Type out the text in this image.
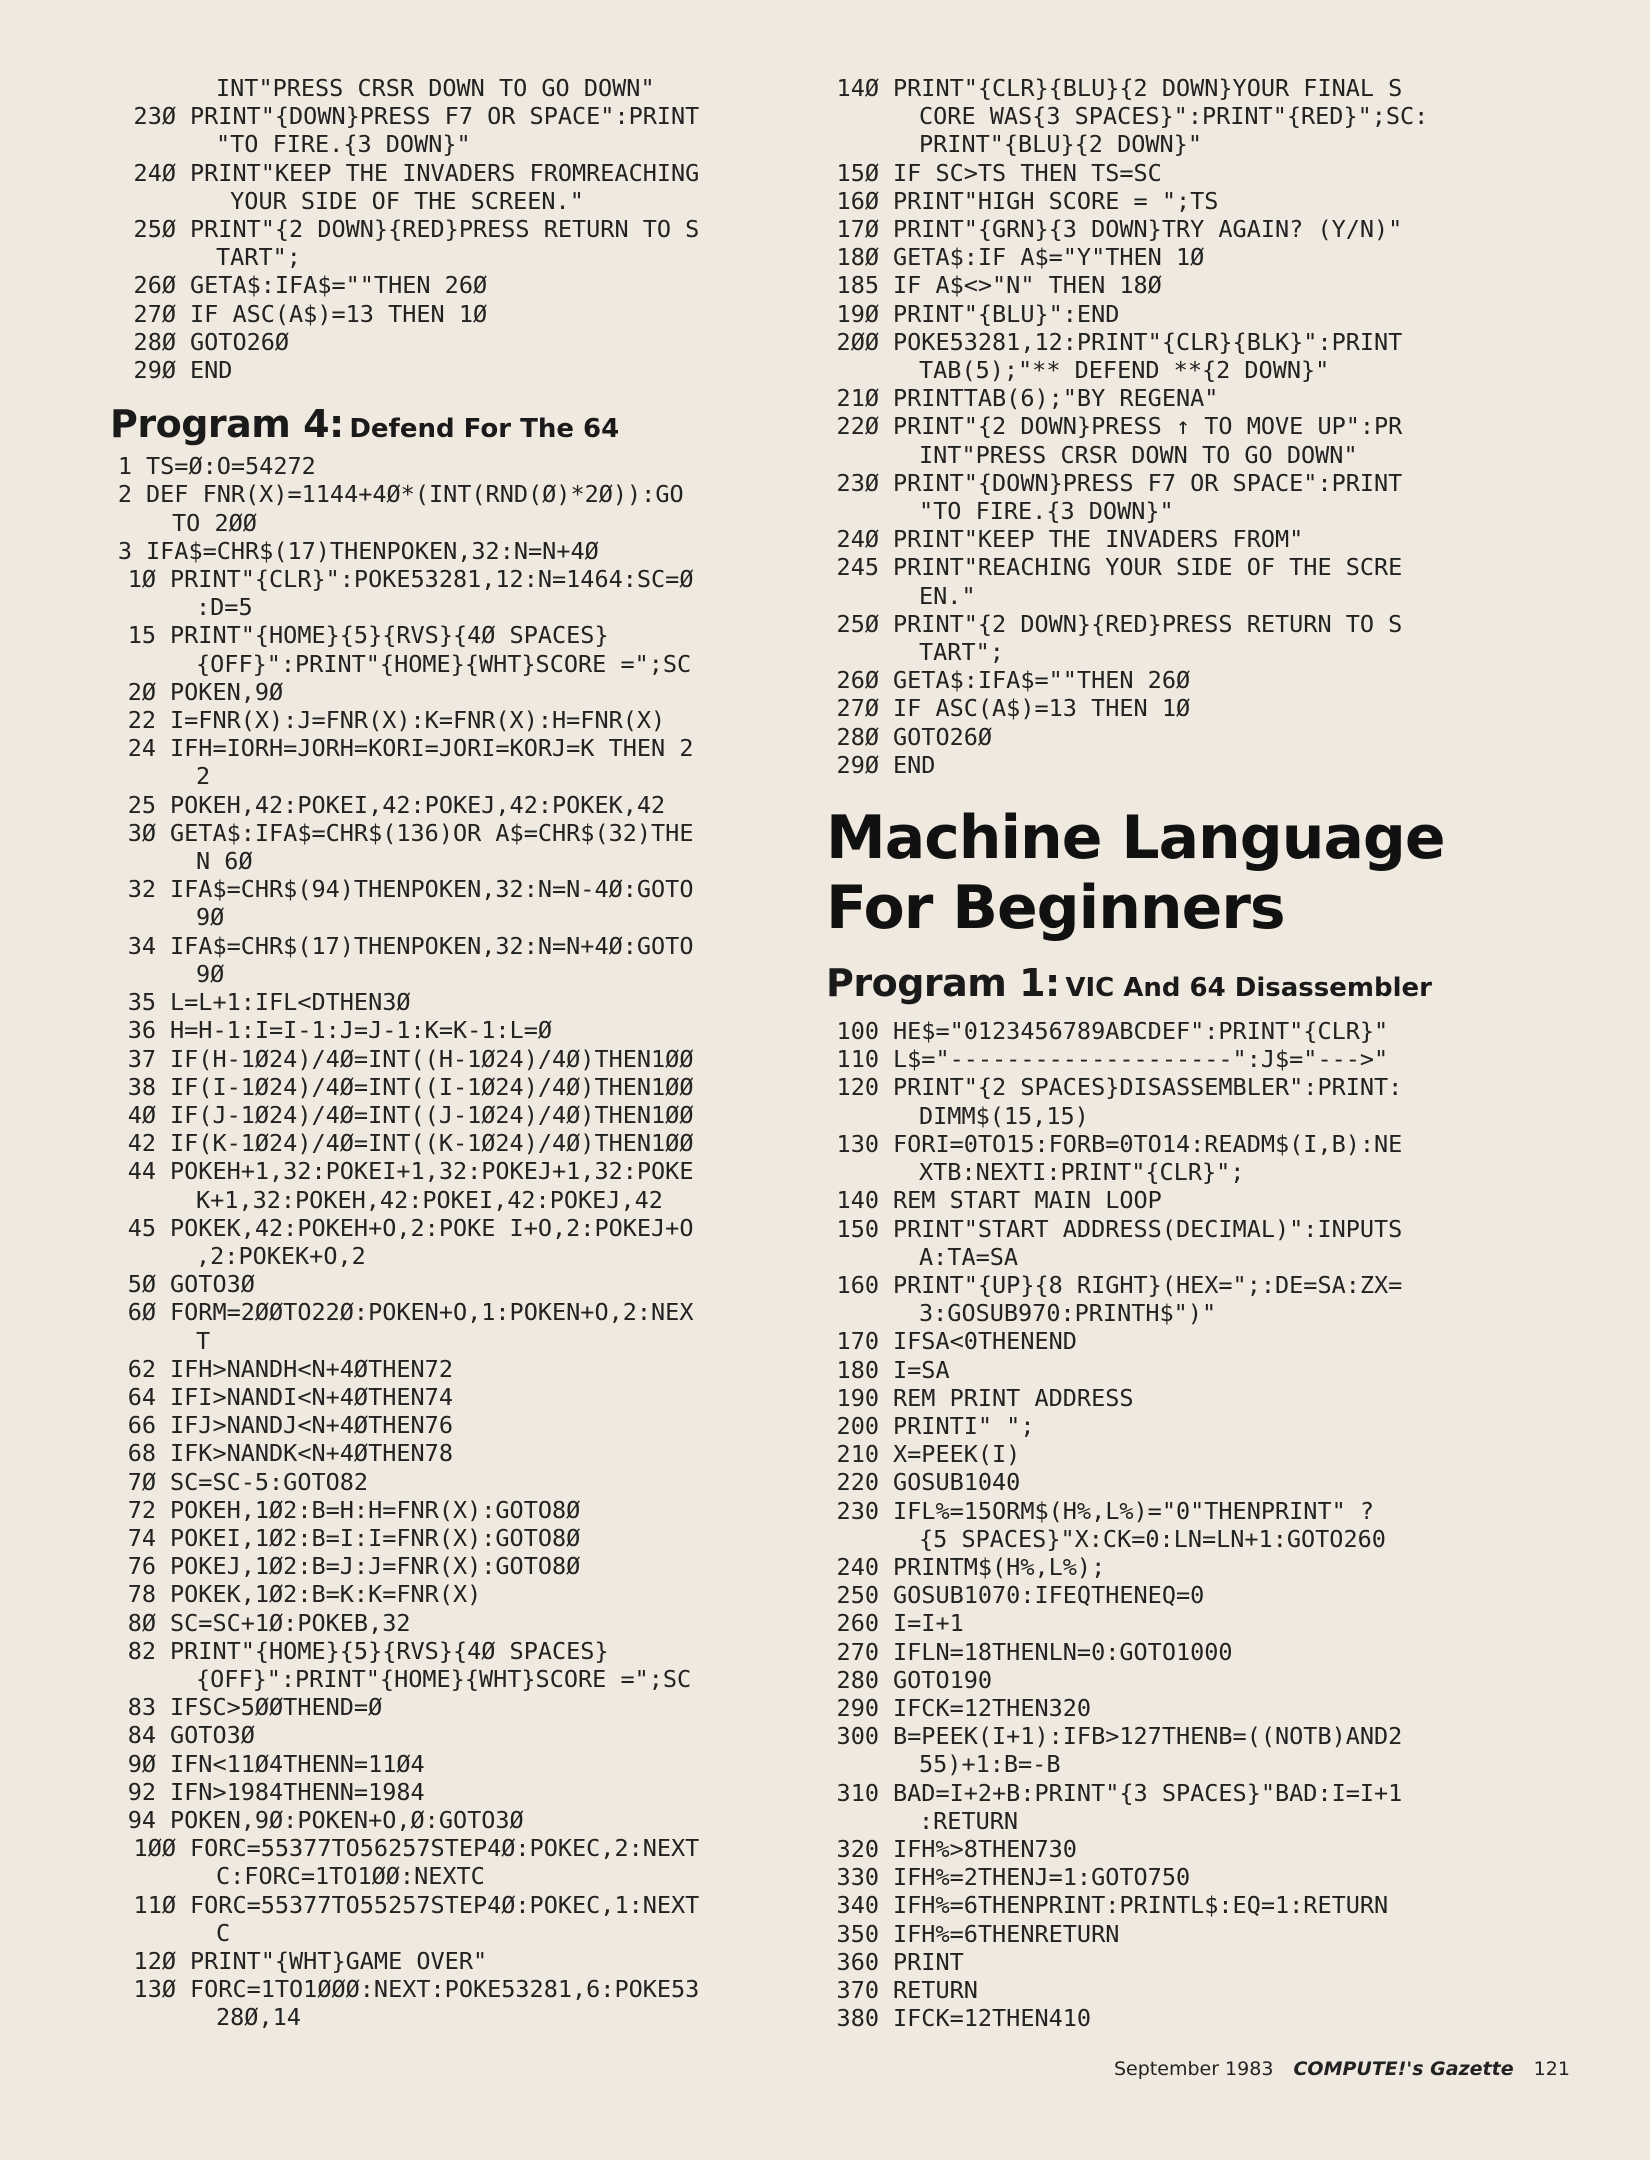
INT"PRESS CRSR DOWN TO GO DOWN"
23Ø PRINT"{DOWN}PRESS F7 OR SPACE":PRINT
"TO FIRE.{3 DOWN}"
24Ø PRINT"KEEP THE INVADERS FROMREACHING
YOUR SIDE OF THE SCREEN."
25Ø PRINT"{2 DOWN}{RED}PRESS RETURN TO S
TART";
26Ø GETA$:IFA$=""THEN 26Ø
27Ø IF ASC(A$)=13 THEN 1Ø
28Ø GOTO26Ø
29Ø END
Program 4: Defend For The 64
1 TS=Ø:O=54272
2 DEF FNR(X)=1144+4Ø*(INT(RND(Ø)*2Ø)):GO
TO 2ØØ
3 IFA$=CHR$(17)THENPOKEN,32:N=N+4Ø
1Ø PRINT"{CLR}":POKE53281,12:N=1464:SC=Ø
:D=5
15 PRINT"{HOME}{5}{RVS}{4Ø SPACES}
{OFF}":PRINT"{HOME}{WHT}SCORE =";SC
2Ø POKEN,9Ø
22 I=FNR(X):J=FNR(X):K=FNR(X):H=FNR(X)
24 IFH=IORH=JORH=KORI=JORI=KORJ=K THEN 2
2
25 POKEH,42:POKEI,42:POKEJ,42:POKEK,42
3Ø GETA$:IFA$=CHR$(136)OR A$=CHR$(32)THE
N 6Ø
32 IFA$=CHR$(94)THENPOKEN,32:N=N-4Ø:GOTO
9Ø
34 IFA$=CHR$(17)THENPOKEN,32:N=N+4Ø:GOTO
9Ø
35 L=L+1:IFL<DTHEN3Ø
36 H=H-1:I=I-1:J=J-1:K=K-1:L=Ø
37 IF(H-1Ø24)/4Ø=INT((H-1Ø24)/4Ø)THEN1ØØ
38 IF(I-1Ø24)/4Ø=INT((I-1Ø24)/4Ø)THEN1ØØ
4Ø IF(J-1Ø24)/4Ø=INT((J-1Ø24)/4Ø)THEN1ØØ
42 IF(K-1Ø24)/4Ø=INT((K-1Ø24)/4Ø)THEN1ØØ
44 POKEH+1,32:POKEI+1,32:POKEJ+1,32:POKE
K+1,32:POKEH,42:POKEI,42:POKEJ,42
45 POKEK,42:POKEH+O,2:POKE I+O,2:POKEJ+O
,2:POKEK+O,2
5Ø GOTO3Ø
6Ø FORM=2ØØTO22Ø:POKEN+O,1:POKEN+O,2:NEX
T
62 IFH>NANDH<N+4ØTHEN72
64 IFI>NANDI<N+4ØTHEN74
66 IFJ>NANDJ<N+4ØTHEN76
68 IFK>NANDK<N+4ØTHEN78
7Ø SC=SC-5:GOTO82
72 POKEH,1Ø2:B=H:H=FNR(X):GOTO8Ø
74 POKEI,1Ø2:B=I:I=FNR(X):GOTO8Ø
76 POKEJ,1Ø2:B=J:J=FNR(X):GOTO8Ø
78 POKEK,1Ø2:B=K:K=FNR(X)
8Ø SC=SC+1Ø:POKEB,32
82 PRINT"{HOME}{5}{RVS}{4Ø SPACES}
{OFF}":PRINT"{HOME}{WHT}SCORE =";SC
83 IFSC>5ØØTHEND=Ø
84 GOTO3Ø
9Ø IFN<11Ø4THENN=11Ø4
92 IFN>1984THENN=1984
94 POKEN,9Ø:POKEN+O,Ø:GOTO3Ø
1ØØ FORC=55377TO56257STEP4Ø:POKEC,2:NEXT
C:FORC=1TO1ØØ:NEXTC
11Ø FORC=55377TO55257STEP4Ø:POKEC,1:NEXT
C
12Ø PRINT"{WHT}GAME OVER"
13Ø FORC=1TO1ØØØ:NEXT:POKE53281,6:POKE53
28Ø,14
14Ø PRINT"{CLR}{BLU}{2 DOWN}YOUR FINAL S
CORE WAS{3 SPACES}":PRINT"{RED}";SC:
PRINT"{BLU}{2 DOWN}"
15Ø IF SC>TS THEN TS=SC
16Ø PRINT"HIGH SCORE = ";TS
17Ø PRINT"{GRN}{3 DOWN}TRY AGAIN? (Y/N)"
18Ø GETA$:IF A$="Y"THEN 1Ø
185 IF A$<>"N" THEN 18Ø
19Ø PRINT"{BLU}":END
2ØØ POKE53281,12:PRINT"{CLR}{BLK}":PRINT
TAB(5);"** DEFEND **{2 DOWN}"
21Ø PRINTTAB(6);"BY REGENA"
22Ø PRINT"{2 DOWN}PRESS ↑ TO MOVE UP":PR
INT"PRESS CRSR DOWN TO GO DOWN"
23Ø PRINT"{DOWN}PRESS F7 OR SPACE":PRINT
"TO FIRE.{3 DOWN}"
24Ø PRINT"KEEP THE INVADERS FROM"
245 PRINT"REACHING YOUR SIDE OF THE SCRE
EN."
25Ø PRINT"{2 DOWN}{RED}PRESS RETURN TO S
TART";
26Ø GETA$:IFA$=""THEN 26Ø
27Ø IF ASC(A$)=13 THEN 1Ø
28Ø GOTO26Ø
29Ø END
Machine Language
For Beginners
Program 1: VIC And 64 Disassembler
100 HE$="0123456789ABCDEF":PRINT"{CLR}"
110 L$="--------------------":J$="--->"
120 PRINT"{2 SPACES}DISASSEMBLER":PRINT:
DIMM$(15,15)
130 FORI=0TO15:FORB=0TO14:READM$(I,B):NE
XTB:NEXTI:PRINT"{CLR}";
140 REM START MAIN LOOP
150 PRINT"START ADDRESS(DECIMAL)":INPUTS
A:TA=SA
160 PRINT"{UP}{8 RIGHT}(HEX=";:DE=SA:ZX=
3:GOSUB970:PRINTH$")"
170 IFSA<0THENEND
180 I=SA
190 REM PRINT ADDRESS
200 PRINTI" ";
210 X=PEEK(I)
220 GOSUB1040
230 IFL%=15ORM$(H%,L%)="0"THENPRINT" ?
{5 SPACES}"X:CK=0:LN=LN+1:GOTO260
240 PRINTM$(H%,L%);
250 GOSUB1070:IFEQTHENEQ=0
260 I=I+1
270 IFLN=18THENLN=0:GOTO1000
280 GOTO190
290 IFCK=12THEN320
300 B=PEEK(I+1):IFB>127THENB=((NOTB)AND2
55)+1:B=-B
310 BAD=I+2+B:PRINT"{3 SPACES}"BAD:I=I+1
:RETURN
320 IFH%>8THEN730
330 IFH%=2THENJ=1:GOTO750
340 IFH%=6THENPRINT:PRINTL$:EQ=1:RETURN
350 IFH%=6THENRETURN
360 PRINT
370 RETURN
380 IFCK=12THEN410
September 1983 COMPUTE!'s Gazette 121
